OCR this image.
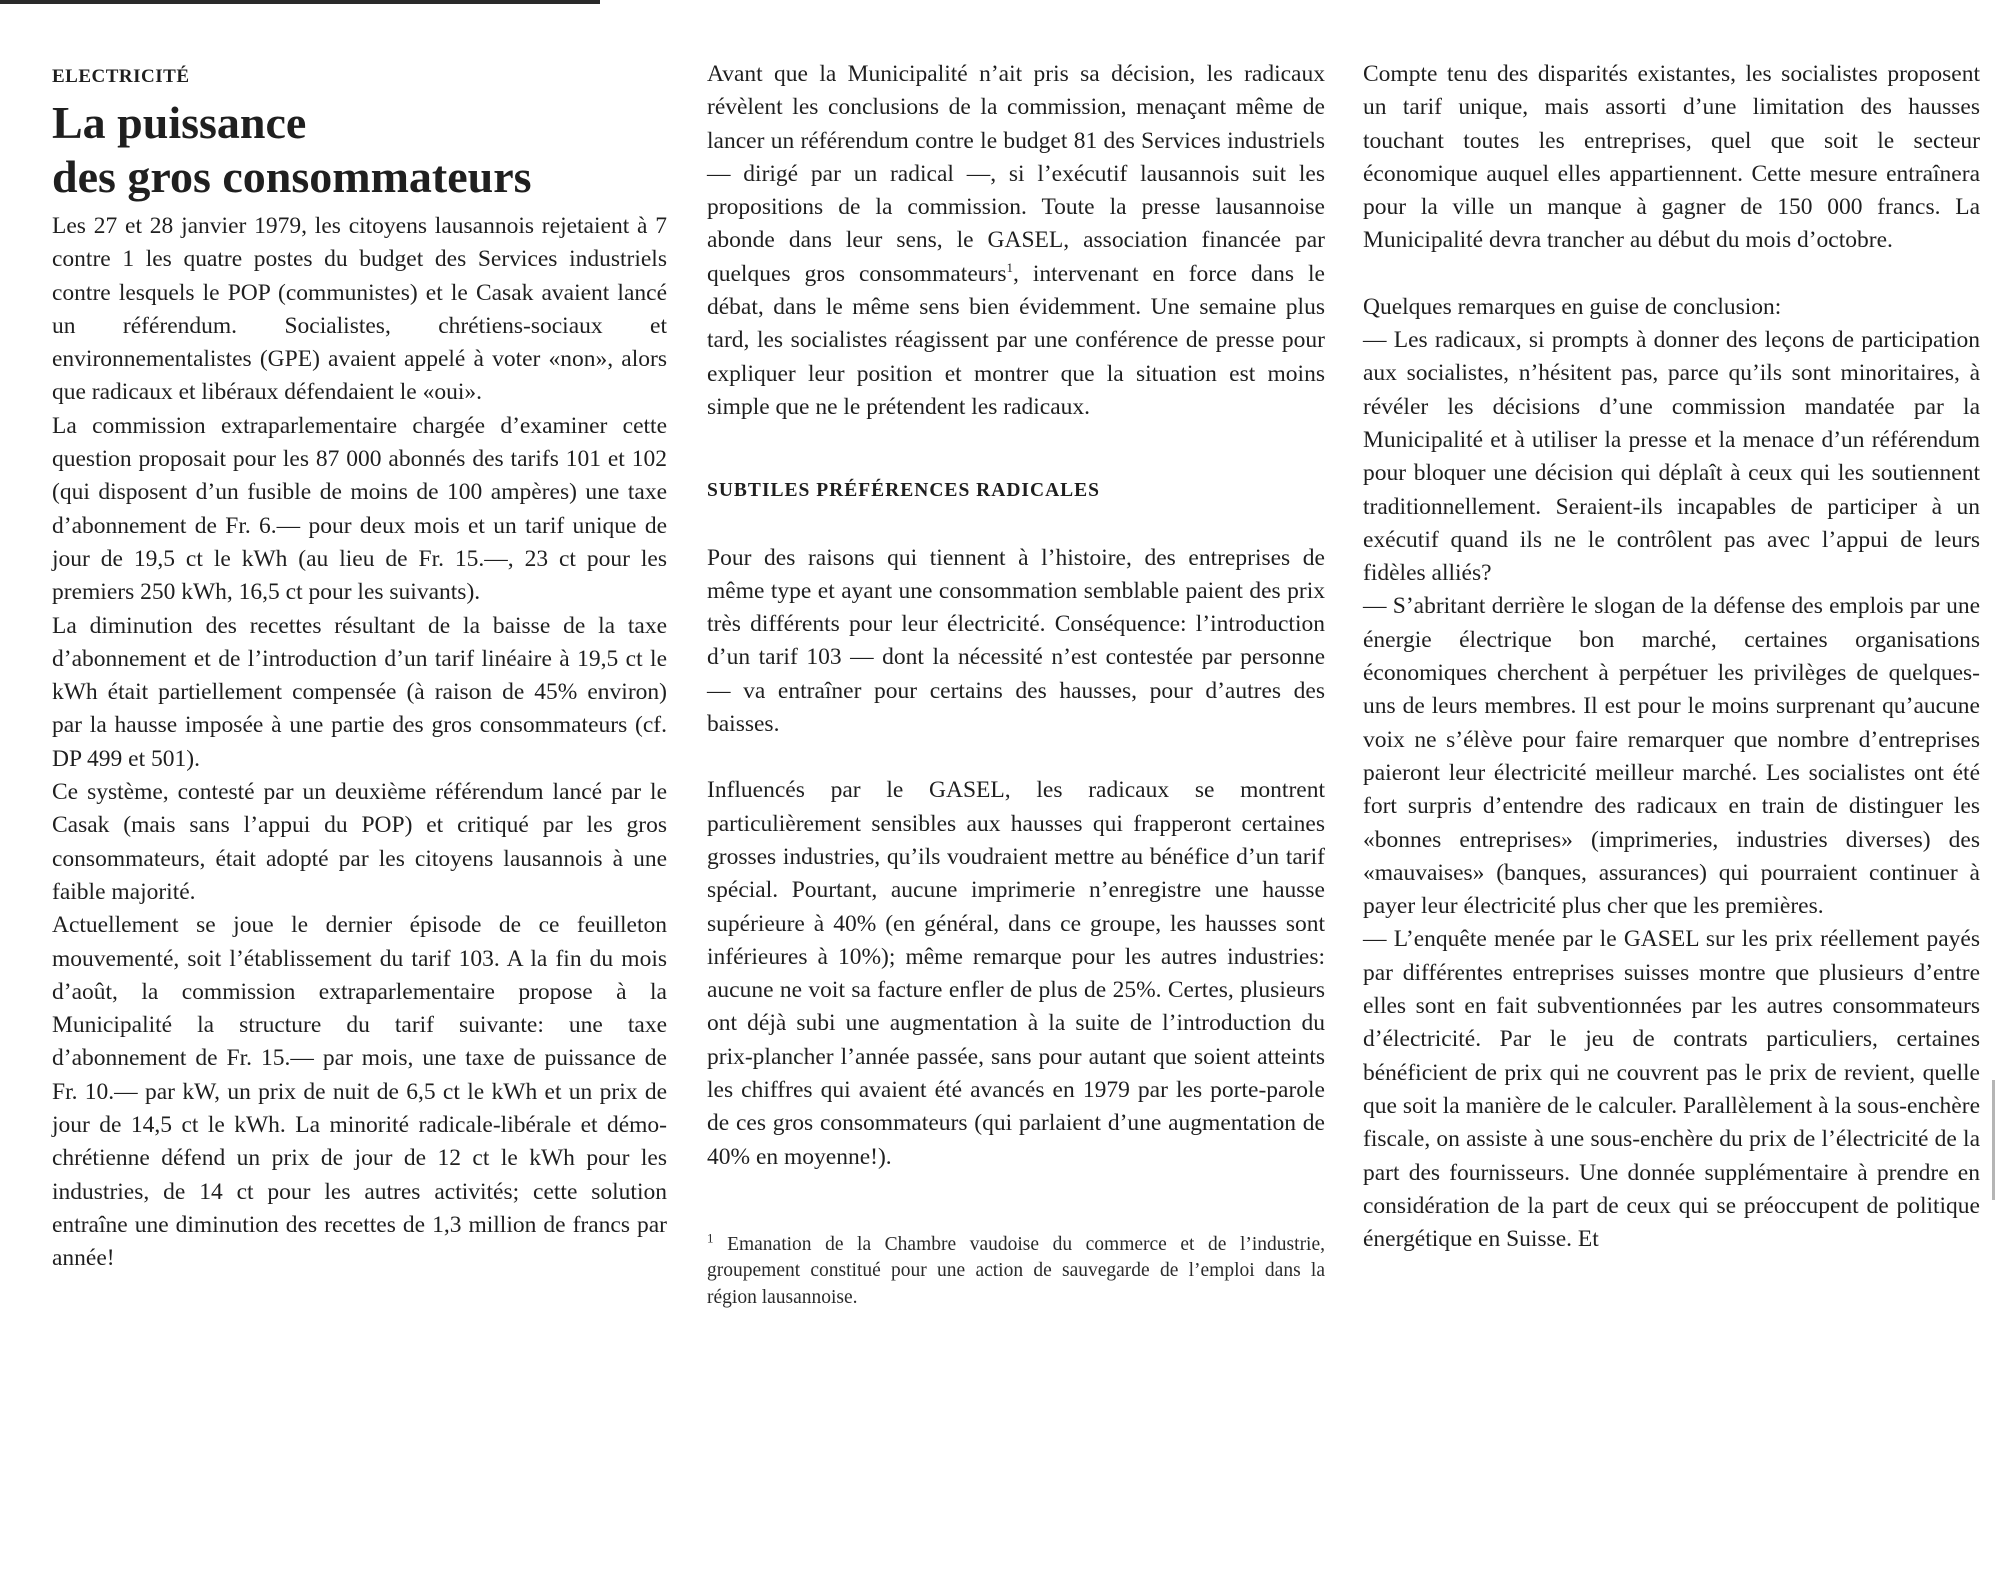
ELECTRICITÉ
La puissance
des gros consommateurs

Les 27 et 28 janvier 1979, les citoyens lausannois rejetaient à 7 contre 1 les quatre postes du budget des Services industriels contre lesquels le POP (communistes) et le Casak avaient lancé un référendum. Socialistes, chrétiens-sociaux et environnementalistes (GPE) avaient appelé à voter «non», alors que radicaux et libéraux défendaient le «oui».

La commission extraparlementaire chargée d’examiner cette question proposait pour les 87 000 abonnés des tarifs 101 et 102 (qui disposent d’un fusible de moins de 100 ampères) une taxe d’abonnement de Fr. 6.— pour deux mois et un tarif unique de jour de 19,5 ct le kWh (au lieu de Fr. 15.—, 23 ct pour les premiers 250 kWh, 16,5 ct pour les suivants).

La diminution des recettes résultant de la baisse de la taxe d’abonnement et de l’introduction d’un tarif linéaire à 19,5 ct le kWh était partiellement compensée (à raison de 45% environ) par la hausse imposée à une partie des gros consommateurs (cf. DP 499 et 501).

Ce système, contesté par un deuxième référendum lancé par le Casak (mais sans l’appui du POP) et critiqué par les gros consommateurs, était adopté par les citoyens lausannois à une faible majorité.

Actuellement se joue le dernier épisode de ce feuilleton mouvementé, soit l’établissement du tarif 103. A la fin du mois d’août, la commission extraparlementaire propose à la Municipalité la structure du tarif suivante: une taxe d’abonnement de Fr. 15.— par mois, une taxe de puissance de Fr. 10.— par kW, un prix de nuit de 6,5 ct le kWh et un prix de jour de 14,5 ct le kWh. La minorité radicale-libérale et démo-chrétienne défend un prix de jour de 12 ct le kWh pour les industries, de 14 ct pour les autres activités; cette solution entraîne une diminution des recettes de 1,3 million de francs par année!

Avant que la Municipalité n’ait pris sa décision, les radicaux révèlent les conclusions de la commission, menaçant même de lancer un référendum contre le budget 81 des Services industriels — dirigé par un radical —, si l’exécutif lausannois suit les propositions de la commission. Toute la presse lausannoise abonde dans leur sens, le GASEL, association financée par quelques gros consommateurs$^1$, intervenant en force dans le débat, dans le même sens bien évidemment. Une semaine plus tard, les socialistes réagissent par une conférence de presse pour expliquer leur position et montrer que la situation est moins simple que ne le prétendent les radicaux.

SUBTILES PRÉFÉRENCES RADICALES

Pour des raisons qui tiennent à l’histoire, des entreprises de même type et ayant une consommation semblable paient des prix très différents pour leur électricité. Conséquence: l’introduction d’un tarif 103 — dont la nécessité n’est contestée par personne — va entraîner pour certains des hausses, pour d’autres des baisses.

Influencés par le GASEL, les radicaux se montrent particulièrement sensibles aux hausses qui frapperont certaines grosses industries, qu’ils voudraient mettre au bénéfice d’un tarif spécial. Pourtant, aucune imprimerie n’enregistre une hausse supérieure à 40% (en général, dans ce groupe, les hausses sont inférieures à 10%); même remarque pour les autres industries: aucune ne voit sa facture enfler de plus de 25%. Certes, plusieurs ont déjà subi une augmentation à la suite de l’introduction du prix-plancher l’année passée, sans pour autant que soient atteints les chiffres qui avaient été avancés en 1979 par les porte-parole de ces gros consommateurs (qui parlaient d’une augmentation de 40% en moyenne!).

$^1$ Emanation de la Chambre vaudoise du commerce et de l’industrie, groupement constitué pour une action de sauvegarde de l’emploi dans la région lausannoise.

Compte tenu des disparités existantes, les socialistes proposent un tarif unique, mais assorti d’une limitation des hausses touchant toutes les entreprises, quel que soit le secteur économique auquel elles appartiennent. Cette mesure entraînera pour la ville un manque à gagner de 150 000 francs. La Municipalité devra trancher au début du mois d’octobre.

Quelques remarques en guise de conclusion:

— Les radicaux, si prompts à donner des leçons de participation aux socialistes, n’hésitent pas, parce qu’ils sont minoritaires, à révéler les décisions d’une commission mandatée par la Municipalité et à utiliser la presse et la menace d’un référendum pour bloquer une décision qui déplaît à ceux qui les soutiennent traditionnellement. Seraient-ils incapables de participer à un exécutif quand ils ne le contrôlent pas avec l’appui de leurs fidèles alliés?

— S’abritant derrière le slogan de la défense des emplois par une énergie électrique bon marché, certaines organisations économiques cherchent à perpétuer les privilèges de quelques-uns de leurs membres. Il est pour le moins surprenant qu’aucune voix ne s’élève pour faire remarquer que nombre d’entreprises paieront leur électricité meilleur marché. Les socialistes ont été fort surpris d’entendre des radicaux en train de distinguer les «bonnes entreprises» (imprimeries, industries diverses) des «mauvaises» (banques, assurances) qui pourraient continuer à payer leur électricité plus cher que les premières.

— L’enquête menée par le GASEL sur les prix réellement payés par différentes entreprises suisses montre que plusieurs d’entre elles sont en fait subventionnées par les autres consommateurs d’électricité. Par le jeu de contrats particuliers, certaines bénéficient de prix qui ne couvrent pas le prix de revient, quelle que soit la manière de le calculer. Parallèlement à la sous-enchère fiscale, on assiste à une sous-enchère du prix de l’électricité de la part des fournisseurs. Une donnée supplémentaire à prendre en considération de la part de ceux qui se préoccupent de politique énergétique en Suisse. Et
